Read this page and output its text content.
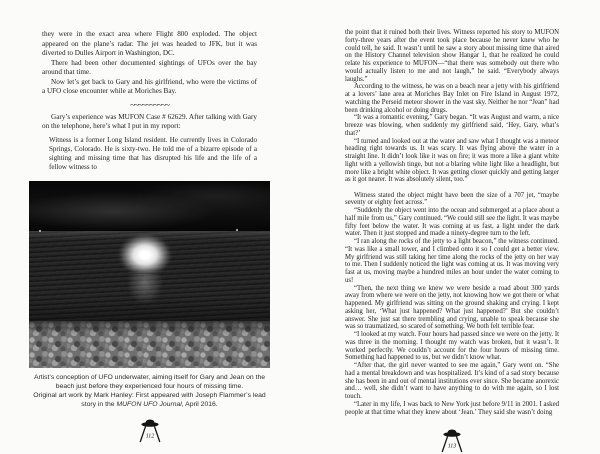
they were in the exact area where Flight 800 exploded. The object appeared on the plane’s radar. The jet was headed to JFK, but it was diverted to Dulles Airport in Washington, DC.

There had been other documented sightings of UFOs over the bay around that time.

Now let’s get back to Gary and his girlfriend, who were the victims of a UFO close encounter while at Moriches Bay.

~~~~~~~~~~

Gary’s experience was MUFON Case # 62629. After talking with Gary on the telephone, here’s what I put in my report:

Witness is a former Long Island resident. He currently lives in Colorado Springs, Colorado. He is sixty-two. He told me of a bizarre episode of a sighting and missing time that has disrupted his life and the life of a fellow witness to

Artist’s conception of UFO underwater, aiming itself for Gary and Jean on the beach just before they experienced four hours of missing time.

Original art work by Mark Hanley: First appeared with Joseph Flammer’s lead story in the MUFON UFO Journal, April 2016.

112

the point that it ruined both their lives. Witness reported his story to MUFON forty-three years after the event took place because he never knew who he could tell, he said. It wasn’t until he saw a story about missing time that aired on the History Channel television show Hangar 1, that he realized he could relate his experience to MUFON—“that there was somebody out there who would actually listen to me and not laugh,” he said. “Everybody always laughs.”

According to the witness, he was on a beach near a jetty with his girlfriend at a lovers’ lane area at Moriches Bay Inlet on Fire Island in August 1972, watching the Perseid meteor shower in the vast sky. Neither he nor “Jean” had been drinking alcohol or doing drugs.

“It was a romantic evening,” Gary began. “It was August and warm, a nice breeze was blowing, when suddenly my girlfriend said, ‘Hey, Gary, what’s that?’

“I turned and looked out at the water and saw what I thought was a meteor heading right towards us. It was scary. It was flying above the water in a straight line. It didn’t look like it was on fire; it was more a like a giant white light with a yellowish tinge, but not a blaring white light like a headlight, but more like a bright white object. It was getting closer quickly and getting larger as it got nearer. It was absolutely silent, too.”

Witness stated the object might have been the size of a 707 jet, “maybe seventy or eighty feet across.”

“Suddenly the object went into the ocean and submerged at a place about a half mile from us,” Gary continued. “We could still see the light. It was maybe fifty feet below the water. It was coming at us fast, a light under the dark water. Then it just stopped and made a ninety-degree turn to the left.

“I ran along the rocks of the jetty to a light beacon,” the witness continued. “It was like a small tower, and I climbed onto it so I could get a better view. My girlfriend was still taking her time along the rocks of the jetty on her way to me. Then I suddenly noticed the light was coming at us. It was moving very fast at us, moving maybe a hundred miles an hour under the water coming to us!

“Then, the next thing we knew we were beside a road about 300 yards away from where we were on the jetty, not knowing how we got there or what happened. My girlfriend was sitting on the ground shaking and crying. I kept asking her, ‘What just happened? What just happened?’ But she couldn’t answer. She just sat there trembling and crying, unable to speak because she was so traumatized, so scared of something. We both felt terrible fear.

“I looked at my watch. Four hours had passed since we were on the jetty. It was three in the morning. I thought my watch was broken, but it wasn’t. It worked perfectly. We couldn’t account for the four hours of missing time. Something had happened to us, but we didn’t know what.

“After that, the girl never wanted to see me again,” Gary went on. “She had a mental breakdown and was hospitalized. It’s kind of a sad story because she has been in and out of mental institutions ever since. She became anorexic and… well, she didn’t want to have anything to do with me again, so I lost touch.

“Later in my life, I was back to New York just before 9/11 in 2001. I asked people at that time what they knew about ‘Jean.’ They said she wasn’t doing

113
